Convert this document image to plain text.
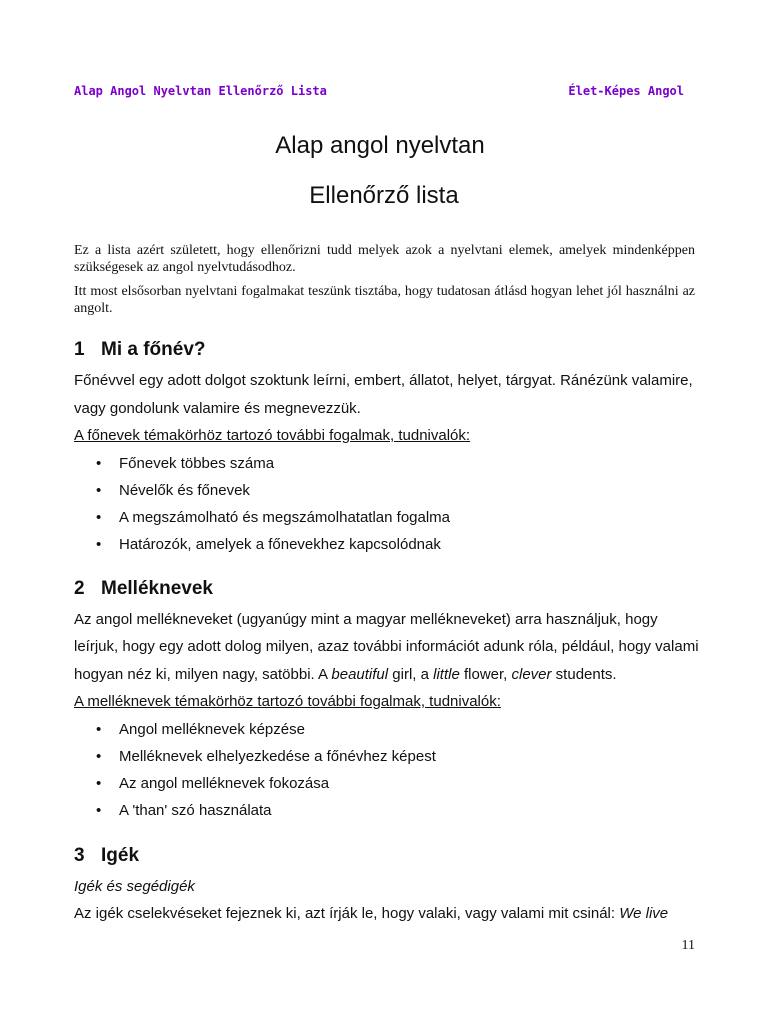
Alap Angol Nyelvtan Ellenőrző Lista	Élet-Képes Angol
Alap angol nyelvtan
Ellenőrző lista

Ez a lista azért született, hogy ellenőrizni tudd melyek azok a nyelvtani elemek, amelyek mindenképpen szükségesek az angol nyelvtudásodhoz.

Itt most elsősorban nyelvtani fogalmakat teszünk tisztába, hogy tudatosan átlásd hogyan lehet jól használni az angolt.

1 Mi a főnév?

Főnévvel egy adott dolgot szoktunk leírni, embert, állatot, helyet, tárgyat. Ránézünk valamire, vagy gondolunk valamire és megnevezzük.

A főnevek témakörhöz tartozó további fogalmak, tudnivalók:

• Főnevek többes száma
• Névelők és főnevek
• A megszámolható és megszámolhatatlan fogalma
• Határozók, amelyek a főnevekhez kapcsolódnak
2 Melléknevek

Az angol mellékneveket (ugyanúgy mint a magyar mellékneveket) arra használjuk, hogy leírjuk, hogy egy adott dolog milyen, azaz további információt adunk róla, például, hogy valami hogyan néz ki, milyen nagy, satöbbi. A beautiful girl, a little flower, clever students.

A melléknevek témakörhöz tartozó további fogalmak, tudnivalók:

• Angol melléknevek képzése
• Melléknevek elhelyezkedése a főnévhez képest
• Az angol melléknevek fokozása
• A 'than' szó használata
3 Igék

Igék és segédigék

Az igék cselekvéseket fejeznek ki, azt írják le, hogy valaki, vagy valami mit csinál: We live

11
